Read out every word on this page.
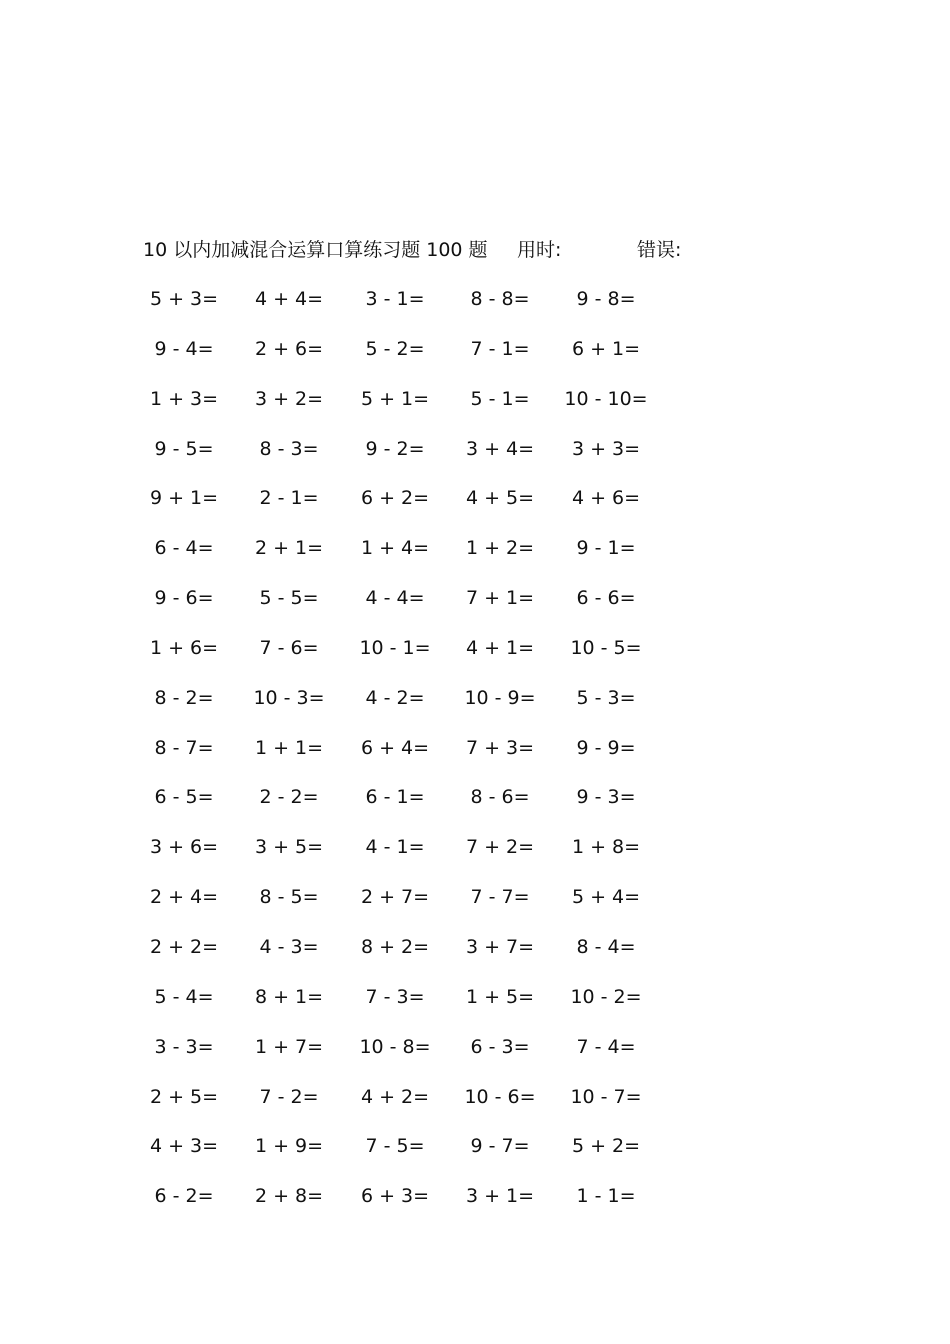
10 以内加减混合运算口算练习题 100 题 用时:	错误:
5 + 3=	4 + 4=	3 - 1=	8 - 8=	9 - 8=
9 - 4=	2 + 6=	5 - 2=	7 - 1=	6 + 1=
1 + 3=	3 + 2=	5 + 1=	5 - 1=	10 - 10=
9 - 5=	8 - 3=	9 - 2=	3 + 4=	3 + 3=
9 + 1=	2 - 1=	6 + 2=	4 + 5=	4 + 6=
6 - 4=	2 + 1=	1 + 4=	1 + 2=	9 - 1=
9 - 6=	5 - 5=	4 - 4=	7 + 1=	6 - 6=
1 + 6=	7 - 6=	10 - 1=	4 + 1=	10 - 5=
8 - 2=	10 - 3=	4 - 2=	10 - 9=	5 - 3=
8 - 7=	1 + 1=	6 + 4=	7 + 3=	9 - 9=
6 - 5=	2 - 2=	6 - 1=	8 - 6=	9 - 3=
3 + 6=	3 + 5=	4 - 1=	7 + 2=	1 + 8=
2 + 4=	8 - 5=	2 + 7=	7 - 7=	5 + 4=
2 + 2=	4 - 3=	8 + 2=	3 + 7=	8 - 4=
5 - 4=	8 + 1=	7 - 3=	1 + 5=	10 - 2=
3 - 3=	1 + 7=	10 - 8=	6 - 3=	7 - 4=
2 + 5=	7 - 2=	4 + 2=	10 - 6=	10 - 7=
4 + 3=	1 + 9=	7 - 5=	9 - 7=	5 + 2=
6 - 2=	2 + 8=	6 + 3=	3 + 1=	1 - 1=
